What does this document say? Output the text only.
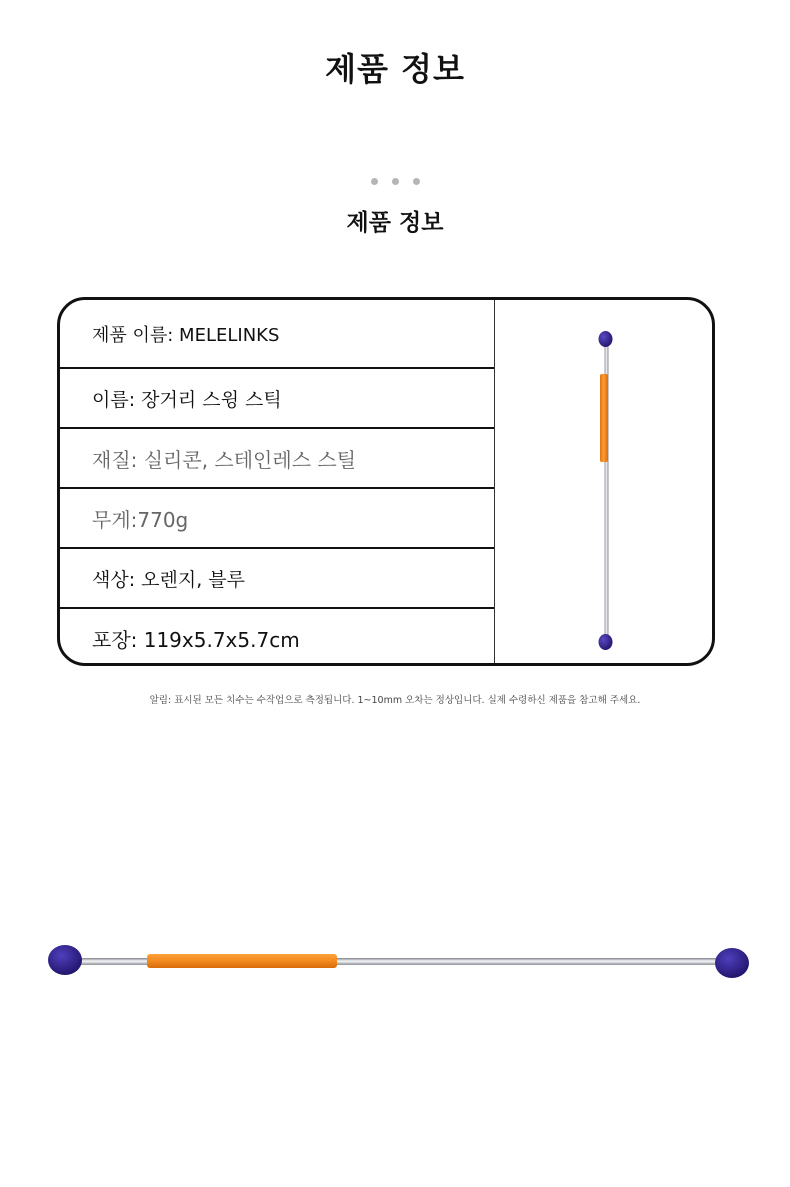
제품 정보
제품 정보
제품 이름: MELELINKS
이름: 장거리 스윙 스틱
재질: 실리콘, 스테인레스 스틸
무게:770g
색상: 오렌지, 블루
포장: 119x5.7x5.7cm
알림: 표시된 모든 치수는 수작업으로 측정됩니다. 1~10mm 오차는 정상입니다. 실제 수령하신 제품을 참고해 주세요.
